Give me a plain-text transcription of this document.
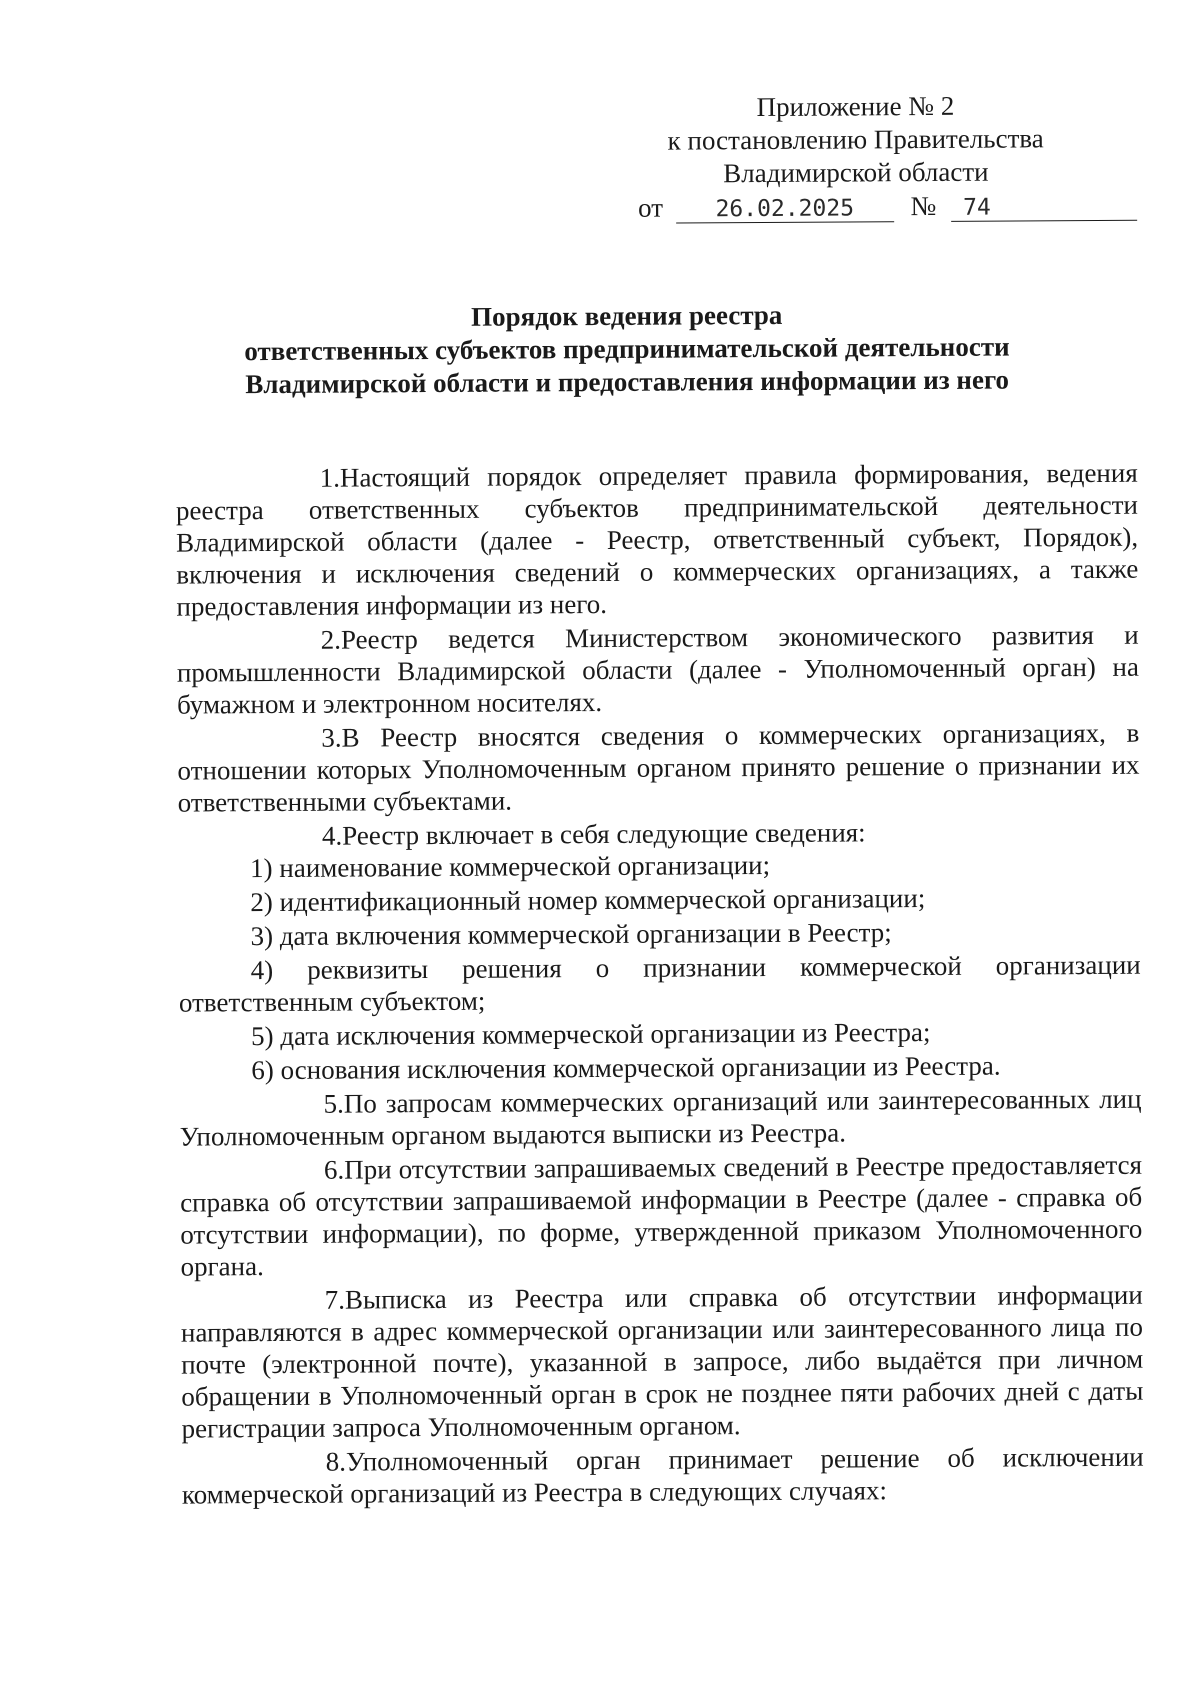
Приложение № 2
к постановлению Правительства
Владимирской области
от 26.02.2025 № 74
Порядок ведения реестра
ответственных субъектов предпринимательской деятельности
Владимирской области и предоставления информации из него

1.Настоящий порядок определяет правила формирования, ведения реестра ответственных субъектов предпринимательской деятельности Владимирской области (далее - Реестр, ответственный субъект, Порядок), включения и исключения сведений о коммерческих организациях, а также предоставления информации из него.

2.Реестр ведется Министерством экономического развития и промышленности Владимирской области (далее - Уполномоченный орган) на бумажном и электронном носителях.

3.В Реестр вносятся сведения о коммерческих организациях, в отношении которых Уполномоченным органом принято решение о признании их ответственными субъектами.

4.Реестр включает в себя следующие сведения:

1) наименование коммерческой организации;

2) идентификационный номер коммерческой организации;

3) дата включения коммерческой организации в Реестр;

4) реквизиты решения о признании коммерческой организации ответственным субъектом;

5) дата исключения коммерческой организации из Реестра;

6) основания исключения коммерческой организации из Реестра.

5.По запросам коммерческих организаций или заинтересованных лиц Уполномоченным органом выдаются выписки из Реестра.

6.При отсутствии запрашиваемых сведений в Реестре предоставляется справка об отсутствии запрашиваемой информации в Реестре (далее - справка об отсутствии информации), по форме, утвержденной приказом Уполномоченного органа.

7.Выписка из Реестра или справка об отсутствии информации направляются в адрес коммерческой организации или заинтересованного лица по почте (электронной почте), указанной в запросе, либо выдаётся при личном обращении в Уполномоченный орган в срок не позднее пяти рабочих дней с даты регистрации запроса Уполномоченным органом.

8.Уполномоченный орган принимает решение об исключении коммерческой организаций из Реестра в следующих случаях:
